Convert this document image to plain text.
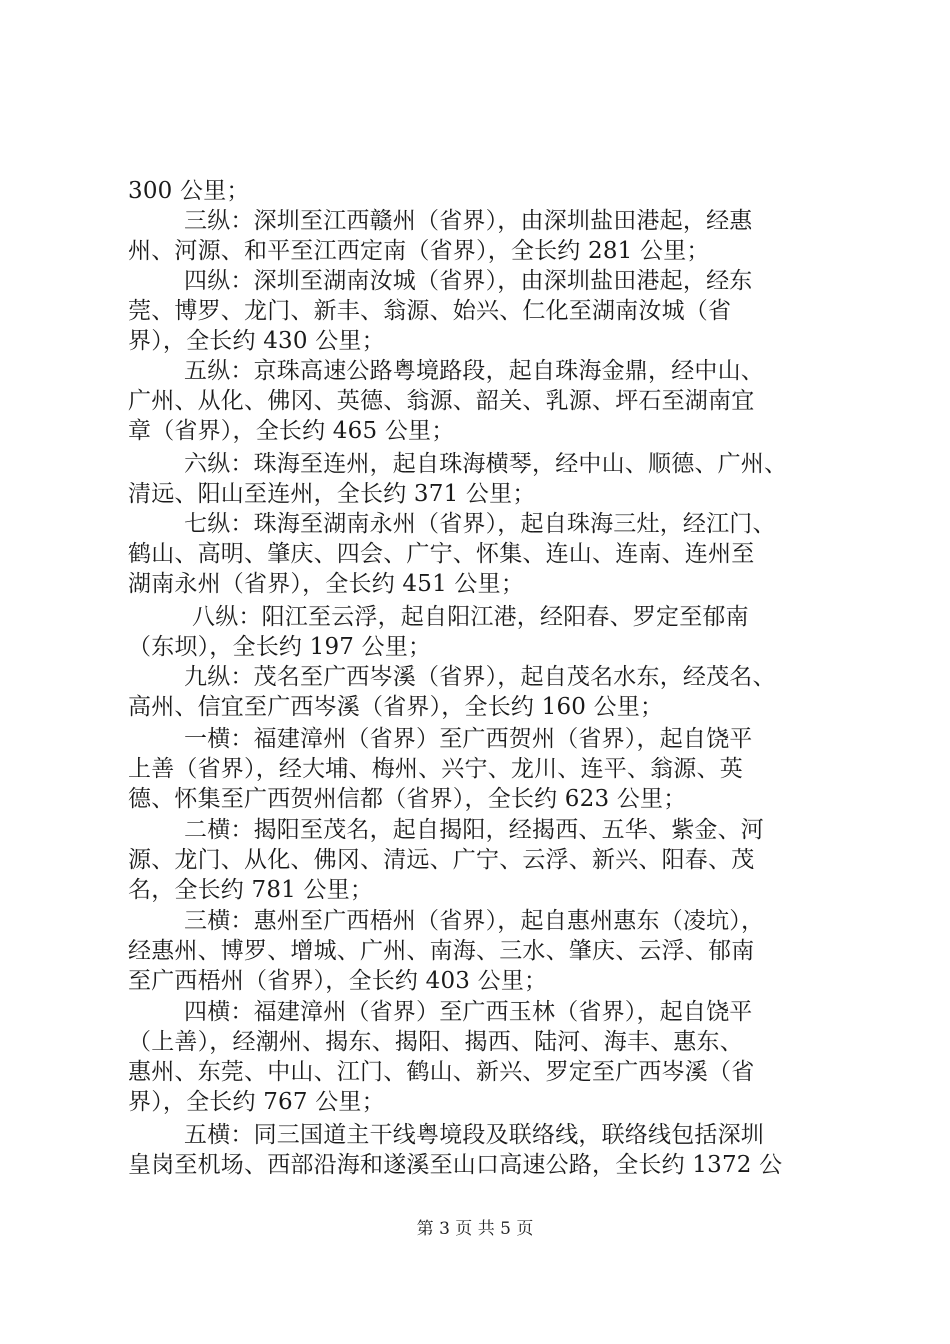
300 公里；
三纵：深圳至江西赣州（省界），由深圳盐田港起，经惠
州、河源、和平至江西定南（省界），全长约 281 公里；
四纵：深圳至湖南汝城（省界），由深圳盐田港起，经东
莞、博罗、龙门、新丰、翁源、始兴、仁化至湖南汝城（省
界），全长约 430 公里；
五纵：京珠高速公路粤境路段，起自珠海金鼎，经中山、
广州、从化、佛冈、英德、翁源、韶关、乳源、坪石至湖南宜
章（省界），全长约 465 公里；
六纵：珠海至连州，起自珠海横琴，经中山、顺德、广州、
清远、阳山至连州，全长约 371 公里；
七纵：珠海至湖南永州（省界），起自珠海三灶，经江门、
鹤山、高明、肇庆、四会、广宁、怀集、连山、连南、连州至
湖南永州（省界），全长约 451 公里；
八纵：阳江至云浮，起自阳江港，经阳春、罗定至郁南
（东坝），全长约 197 公里；
九纵：茂名至广西岑溪（省界），起自茂名水东，经茂名、
高州、信宜至广西岑溪（省界），全长约 160 公里；
一横：福建漳州（省界）至广西贺州（省界），起自饶平
上善（省界），经大埔、梅州、兴宁、龙川、连平、翁源、英
德、怀集至广西贺州信都（省界），全长约 623 公里；
二横：揭阳至茂名，起自揭阳，经揭西、五华、紫金、河
源、龙门、从化、佛冈、清远、广宁、云浮、新兴、阳春、茂
名，全长约 781 公里；
三横：惠州至广西梧州（省界），起自惠州惠东（凌坑），
经惠州、博罗、增城、广州、南海、三水、肇庆、云浮、郁南
至广西梧州（省界），全长约 403 公里；
四横：福建漳州（省界）至广西玉林（省界），起自饶平
（上善），经潮州、揭东、揭阳、揭西、陆河、海丰、惠东、
惠州、东莞、中山、江门、鹤山、新兴、罗定至广西岑溪（省
界），全长约 767 公里；
五横：同三国道主干线粤境段及联络线，联络线包括深圳
皇岗至机场、西部沿海和遂溪至山口高速公路，全长约 1372 公
第 3 页 共 5 页
